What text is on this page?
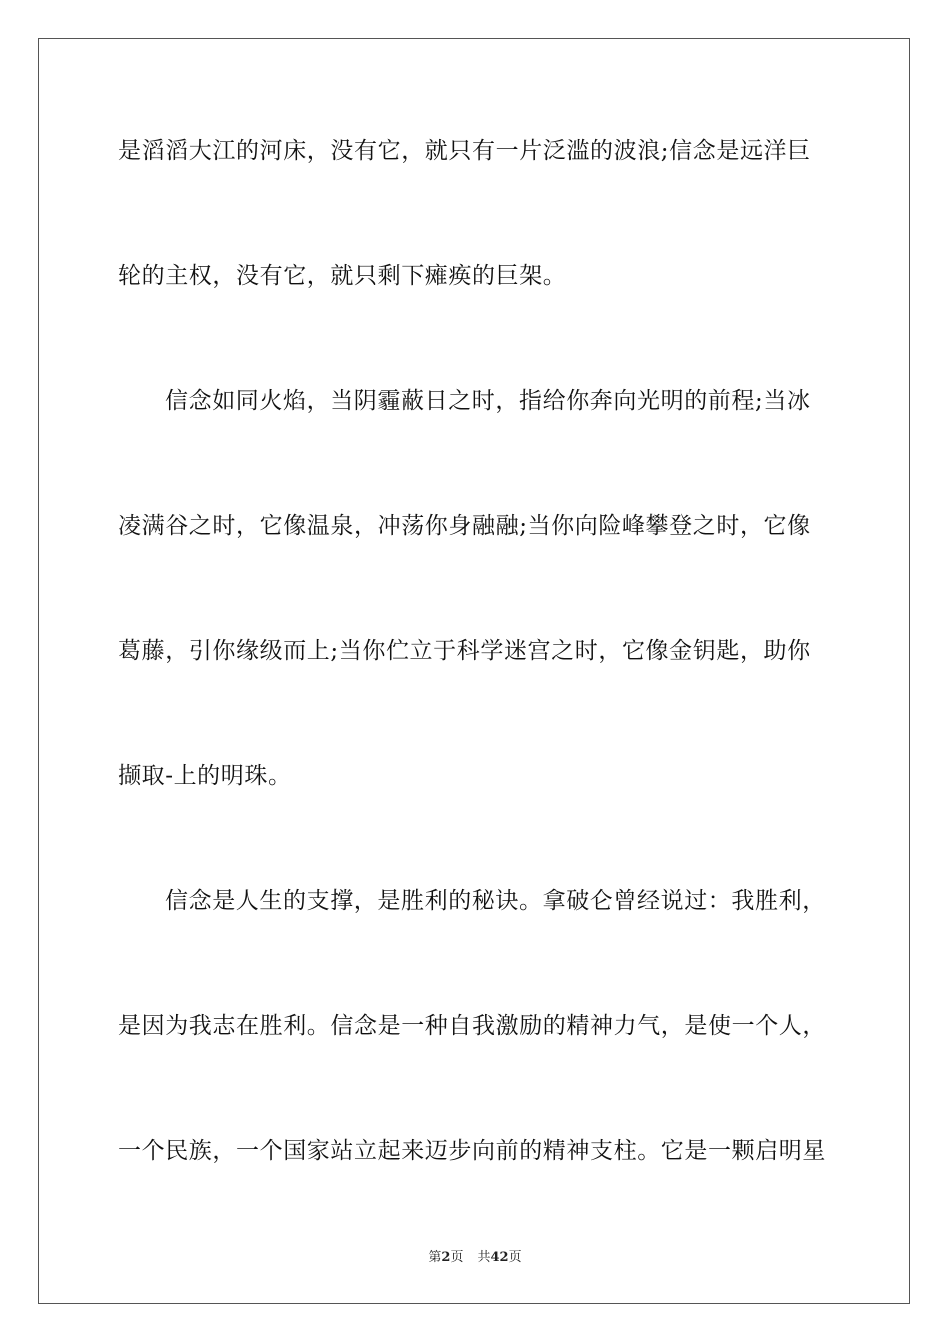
是滔滔大江的河床，没有它，就只有一片泛滥的波浪;信念是远洋巨
轮的主权，没有它，就只剩下瘫痪的巨架。
信念如同火焰，当阴霾蔽日之时，指给你奔向光明的前程;当冰
凌满谷之时，它像温泉，冲荡你身融融;当你向险峰攀登之时，它像
葛藤，引你缘级而上;当你伫立于科学迷宫之时，它像金钥匙，助你
撷取-上的明珠。
信念是人生的支撑，是胜利的秘诀。拿破仑曾经说过：我胜利，
是因为我志在胜利。信念是一种自我激励的精神力气，是使一个人，
一个民族，一个国家站立起来迈步向前的精神支柱。它是一颗启明星
第2页 共42页
